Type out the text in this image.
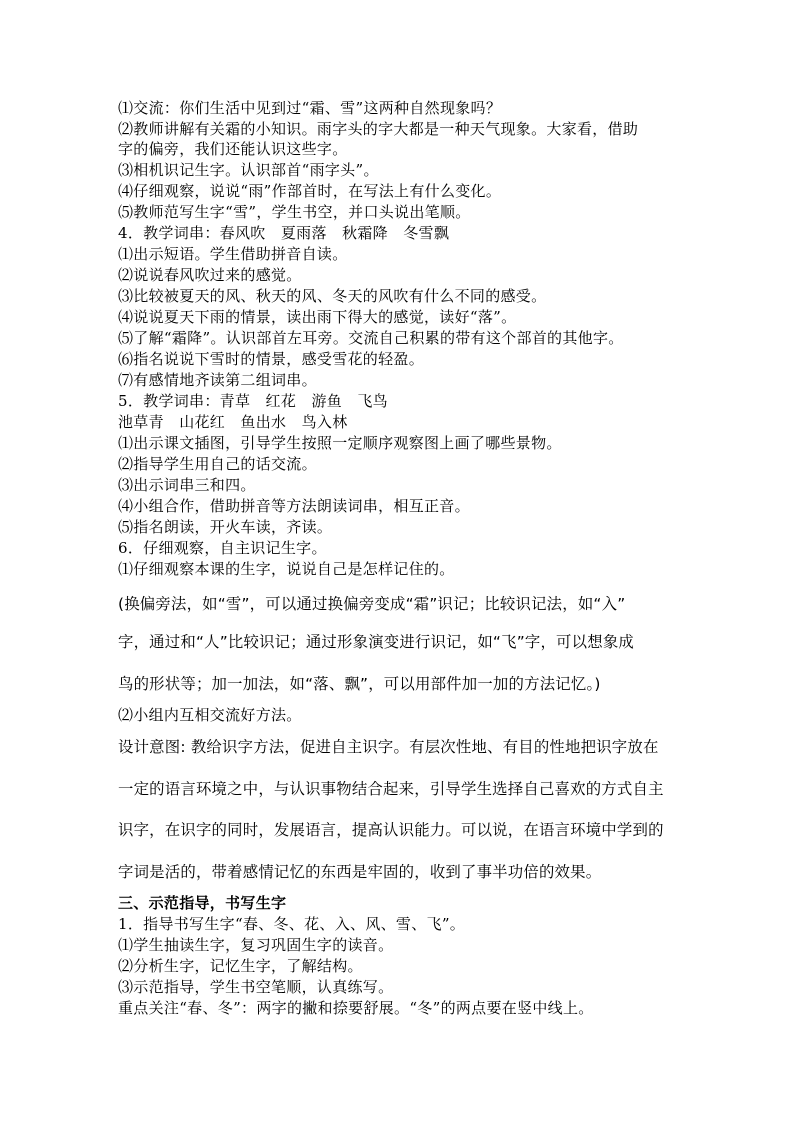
⑴交流：你们生活中见到过“霜、雪”这两种自然现象吗？
⑵教师讲解有关霜的小知识。雨字头的字大都是一种天气现象。大家看，借助
字的偏旁，我们还能认识这些字。
⑶相机识记生字。认识部首“雨字头”。
⑷仔细观察，说说“雨”作部首时，在写法上有什么变化。
⑸教师范写生字“雪”，学生书空，并口头说出笔顺。
4．教学词串：春风吹　夏雨落　秋霜降　冬雪飘
⑴出示短语。学生借助拼音自读。
⑵说说春风吹过来的感觉。
⑶比较被夏天的风、秋天的风、冬天的风吹有什么不同的感受。
⑷说说夏天下雨的情景，读出雨下得大的感觉，读好“落”。
⑸了解“霜降”。认识部首左耳旁。交流自己积累的带有这个部首的其他字。
⑹指名说说下雪时的情景，感受雪花的轻盈。
⑺有感情地齐读第二组词串。
5．教学词串：青草　红花　游鱼　飞鸟
池草青　山花红　鱼出水　鸟入林
⑴出示课文插图，引导学生按照一定顺序观察图上画了哪些景物。
⑵指导学生用自己的话交流。
⑶出示词串三和四。
⑷小组合作，借助拼音等方法朗读词串，相互正音。
⑸指名朗读，开火车读，齐读。
6．仔细观察，自主识记生字。
⑴仔细观察本课的生字，说说自己是怎样记住的。
(换偏旁法，如“雪”，可以通过换偏旁变成“霜”识记；比较识记法，如“入”
字，通过和“人”比较识记；通过形象演变进行识记，如“飞”字，可以想象成
鸟的形状等；加一加法，如“落、飘”，可以用部件加一加的方法记忆。)
⑵小组内互相交流好方法。
设计意图: 教给识字方法，促进自主识字。有层次性地、有目的性地把识字放在
一定的语言环境之中，与认识事物结合起来，引导学生选择自己喜欢的方式自主
识字，在识字的同时，发展语言，提高认识能力。可以说，在语言环境中学到的
字词是活的，带着感情记忆的东西是牢固的，收到了事半功倍的效果。
三、示范指导，书写生字
1．指导书写生字“春、冬、花、入、风、雪、飞”。
⑴学生抽读生字，复习巩固生字的读音。
⑵分析生字，记忆生字，了解结构。
⑶示范指导，学生书空笔顺，认真练写。
重点关注“春、冬”：两字的撇和捺要舒展。“冬”的两点要在竖中线上。
